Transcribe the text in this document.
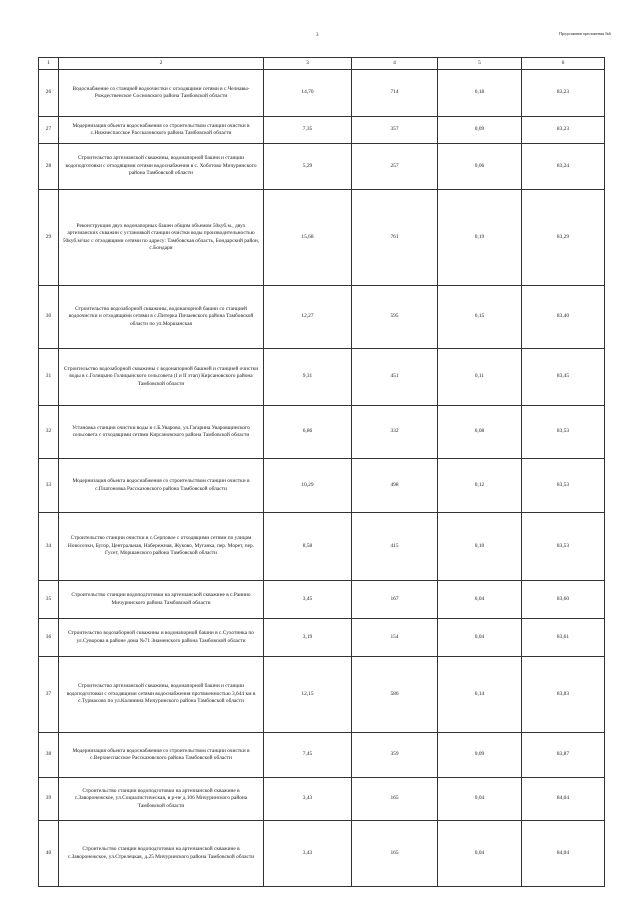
3	Продолжение приложения №6
1	2	3	4	5	6
26	Водоснабжение со станцией водоочистки с отходящими сетями в с.Челнавы-Рождественское Сосновского района Тамбовской области	14,70	714	0,18	83,23
27	Модернизация объекта водоснабжения со строительством станции очистки в с.Нижнеспасское Рассказовского района Тамбовской области	7,35	357	0,09	83,23
28	Строительство артезианской скважины, водонапорной башни и станции водоподготовки с отходящими сетями водоснабжения в с. Хоботово Мичуринского района Тамбовской области	5,29	257	0,06	83,24
29	Реконструкция двух водонапорных башен общим объемом 50куб.м., двух артезианских скважин с установкой станции очистки воды производительностью 50куб.м/час с отходящими сетями по адресу: Тамбовская область, Бондарский район, с.Бондари	15,68	761	0,19	83,29
30	Строительство водозаборной скважины, водонапорной башни со станцией водоочистки и отходящими сетями в с.Питерка Пичаевского района Тамбовской области по ул.Моршанская	12,27	595	0,15	83,40
31	Строительство водозаборной скважины с водонапорной башней и станцией очистки воды в с.Голицыно Голицынского сельсовета (I и II этап) Кирсановского района Тамбовской области	9,31	451	0,11	83,45
32	Установка станции очистки воды в с.Б.Уварово, ул.Гагарина Уваровщинского сельсовета с отходящими сетями Кирсановского района Тамбовской области	6,86	332	0,08	83,53
33	Модернизация объекта водоснабжения со строительством станции очистки в с.Платоновка Рассказовского района Тамбовской области	10,29	498	0,12	83,53
34	Строительство станции очистки в с.Серповое с отходящими сетями по улицам Новоселки, Бугор, Центральная, Набережная, Жуково, Муганка, пер. Морет, пер. Гусет, Моршанского района Тамбовской области	8,58	415	0,10	83,53
35	Строительство станции водоподготовки на артезианской скважине в с.Ранино Мичуринского района Тамбовской области	3,45	167	0,04	83,60
36	Строительство водозаборной скважины и водонапорной башни в с.Сухотинка по ул.Суворова в районе дома №71 Знаменского района Тамбовской области	3,19	154	0,04	83,61
37	Строительство артезианской скважины, водонапорной башни и станции водоподготовки с отходящими сетями водоснабжения протяженностью 3,644 км в с.Турмасово по ул.Калинина Мичуринского района Тамбовской области	12,15	586	0,14	83,83
38	Модернизация объекта водоснабжения со строительством станции очистки в с.Верхнеспасское Рассказовского района Тамбовской области	7,45	359	0,09	83,87
39	Строительство станции водоподготовки на артезианской скважине в с.Заворонежское, ул.Социалистическая, в р-не д.106 Мичуринского района Тамбовской области	3,43	165	0,04	84,04
40	Строительство станции водоподготовки на артезианской скважине в с.Заворонежское, ул.Стрелецкая, д.25 Мичуринского района Тамбовской области	3,43	165	0,04	84,04
